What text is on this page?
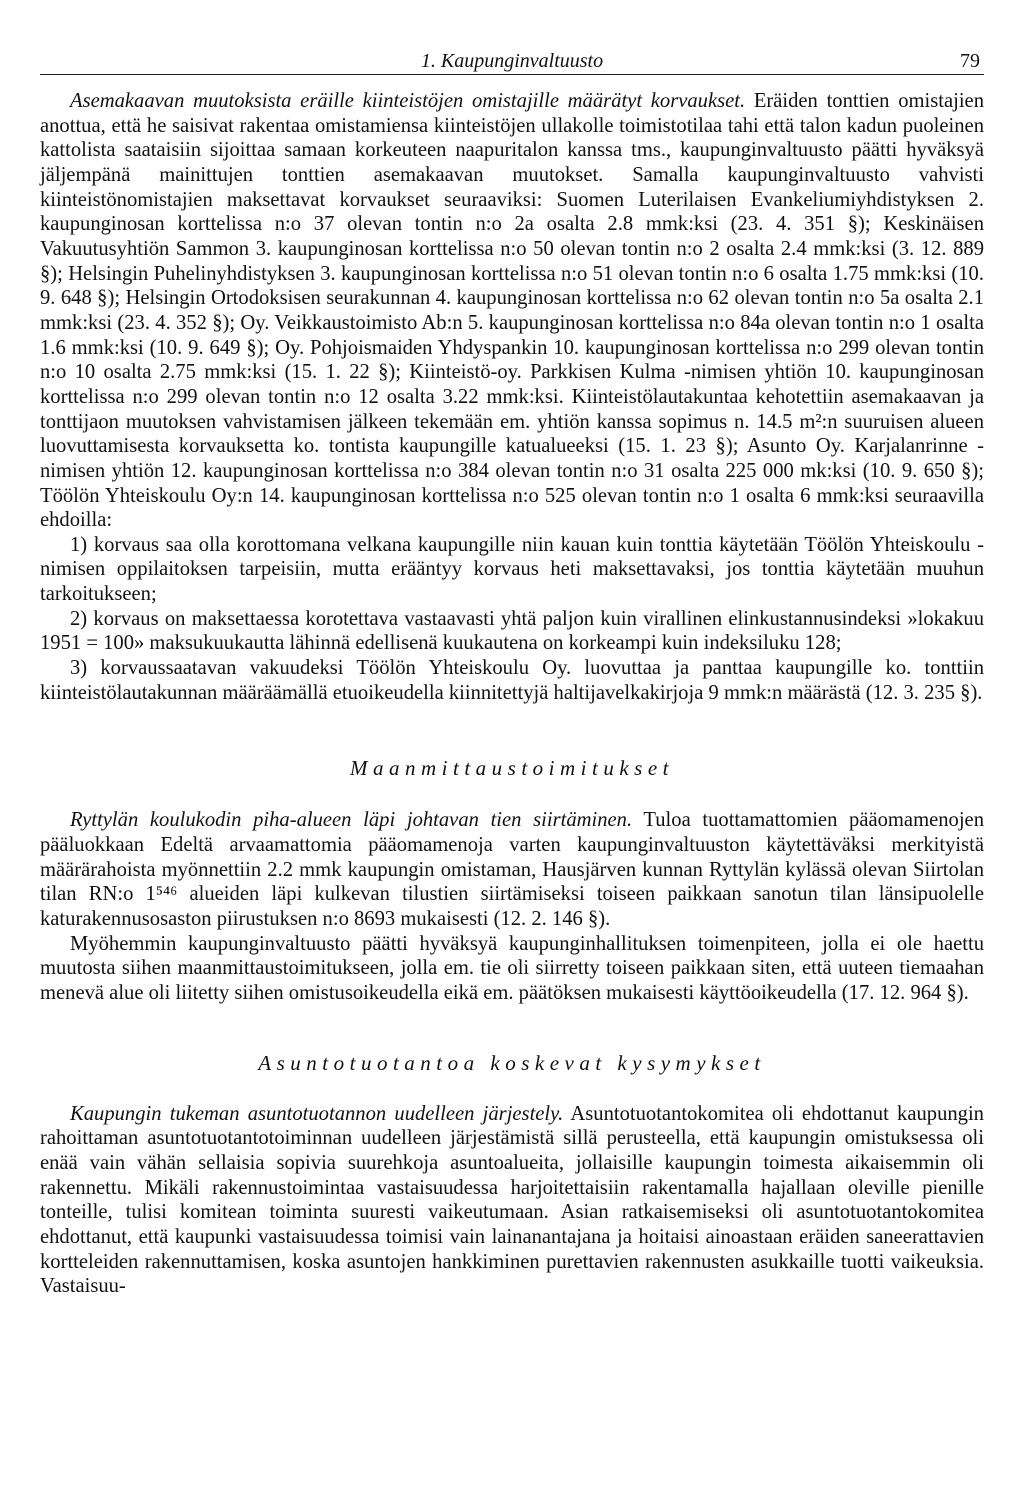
1. Kaupunginvaltuusto	79

Asemakaavan muutoksista eräille kiinteistöjen omistajille määrätyt korvaukset. Eräiden tonttien omistajien anottua, että he saisivat rakentaa omistamiensa kiinteistöjen ullakolle toimistotilaa tahi että talon kadun puoleinen kattolista saataisiin sijoittaa samaan korkeuteen naapuritalon kanssa tms., kaupunginvaltuusto päätti hyväksyä jäljempänä mainittujen tonttien asemakaavan muutokset. Samalla kaupunginvaltuusto vahvisti kiinteistönomistajien maksettavat korvaukset seuraaviksi: Suomen Luterilaisen Evankeliumiyhdistyksen 2. kaupunginosan korttelissa n:o 37 olevan tontin n:o 2a osalta 2.8 mmk:ksi (23. 4. 351 §); Keskinäisen Vakuutusyhtiön Sammon 3. kaupunginosan korttelissa n:o 50 olevan tontin n:o 2 osalta 2.4 mmk:ksi (3. 12. 889 §); Helsingin Puhelinyhdistyksen 3. kaupunginosan korttelissa n:o 51 olevan tontin n:o 6 osalta 1.75 mmk:ksi (10. 9. 648 §); Helsingin Ortodoksisen seurakunnan 4. kaupunginosan korttelissa n:o 62 olevan tontin n:o 5a osalta 2.1 mmk:ksi (23. 4. 352 §); Oy. Veikkaustoimisto Ab:n 5. kaupunginosan korttelissa n:o 84a olevan tontin n:o 1 osalta 1.6 mmk:ksi (10. 9. 649 §); Oy. Pohjoismaiden Yhdyspankin 10. kaupunginosan korttelissa n:o 299 olevan tontin n:o 10 osalta 2.75 mmk:ksi (15. 1. 22 §); Kiinteistö-oy. Parkkisen Kulma -nimisen yhtiön 10. kaupunginosan korttelissa n:o 299 olevan tontin n:o 12 osalta 3.22 mmk:ksi. Kiinteistölautakuntaa kehotettiin asemakaavan ja tonttijaon muutoksen vahvistamisen jälkeen tekemään em. yhtiön kanssa sopimus n. 14.5 m²:n suuruisen alueen luovuttamisesta korvauksetta ko. tontista kaupungille katualueeksi (15. 1. 23 §); Asunto Oy. Karjalanrinne -nimisen yhtiön 12. kaupunginosan korttelissa n:o 384 olevan tontin n:o 31 osalta 225 000 mk:ksi (10. 9. 650 §); Töölön Yhteiskoulu Oy:n 14. kaupunginosan korttelissa n:o 525 olevan tontin n:o 1 osalta 6 mmk:ksi seuraavilla ehdoilla:

1) korvaus saa olla korottomana velkana kaupungille niin kauan kuin tonttia käytetään Töölön Yhteiskoulu -nimisen oppilaitoksen tarpeisiin, mutta erääntyy korvaus heti maksettavaksi, jos tonttia käytetään muuhun tarkoitukseen;

2) korvaus on maksettaessa korotettava vastaavasti yhtä paljon kuin virallinen elinkustannusindeksi »lokakuu 1951 = 100» maksukuukautta lähinnä edellisenä kuukautena on korkeampi kuin indeksiluku 128;

3) korvaussaatavan vakuudeksi Töölön Yhteiskoulu Oy. luovuttaa ja panttaa kaupungille ko. tonttiin kiinteistölautakunnan määräämällä etuoikeudella kiinnitettyjä haltijavelkakirjoja 9 mmk:n määrästä (12. 3. 235 §).

Maanmittaustoimitukset

Ryttylän koulukodin piha-alueen läpi johtavan tien siirtäminen. Tuloa tuottamattomien pääomamenojen pääluokkaan Edeltä arvaamattomia pääomamenoja varten kaupunginvaltuuston käytettäväksi merkityistä määrärahoista myönnettiin 2.2 mmk kaupungin omistaman, Hausjärven kunnan Ryttylän kylässä olevan Siirtolan tilan RN:o 1⁵⁴⁶ alueiden läpi kulkevan tilustien siirtämiseksi toiseen paikkaan sanotun tilan länsipuolelle katurakennusosaston piirustuksen n:o 8693 mukaisesti (12. 2. 146 §).

Myöhemmin kaupunginvaltuusto päätti hyväksyä kaupunginhallituksen toimenpiteen, jolla ei ole haettu muutosta siihen maanmittaustoimitukseen, jolla em. tie oli siirretty toiseen paikkaan siten, että uuteen tiemaahan menevä alue oli liitetty siihen omistusoikeudella eikä em. päätöksen mukaisesti käyttöoikeudella (17. 12. 964 §).

Asuntotuotantoa koskevat kysymykset

Kaupungin tukeman asuntotuotannon uudelleen järjestely. Asuntotuotantokomitea oli ehdottanut kaupungin rahoittaman asuntotuotantotoiminnan uudelleen järjestämistä sillä perusteella, että kaupungin omistuksessa oli enää vain vähän sellaisia sopivia suurehkoja asuntoalueita, jollaisille kaupungin toimesta aikaisemmin oli rakennettu. Mikäli rakennustoimintaa vastaisuudessa harjoitettaisiin rakentamalla hajallaan oleville pienille tonteille, tulisi komitean toiminta suuresti vaikeutumaan. Asian ratkaisemiseksi oli asuntotuotantokomitea ehdottanut, että kaupunki vastaisuudessa toimisi vain lainanantajana ja hoitaisi ainoastaan eräiden saneerattavien kortteleiden rakennuttamisen, koska asuntojen hankkiminen purettavien rakennusten asukkaille tuotti vaikeuksia. Vastaisuu-
